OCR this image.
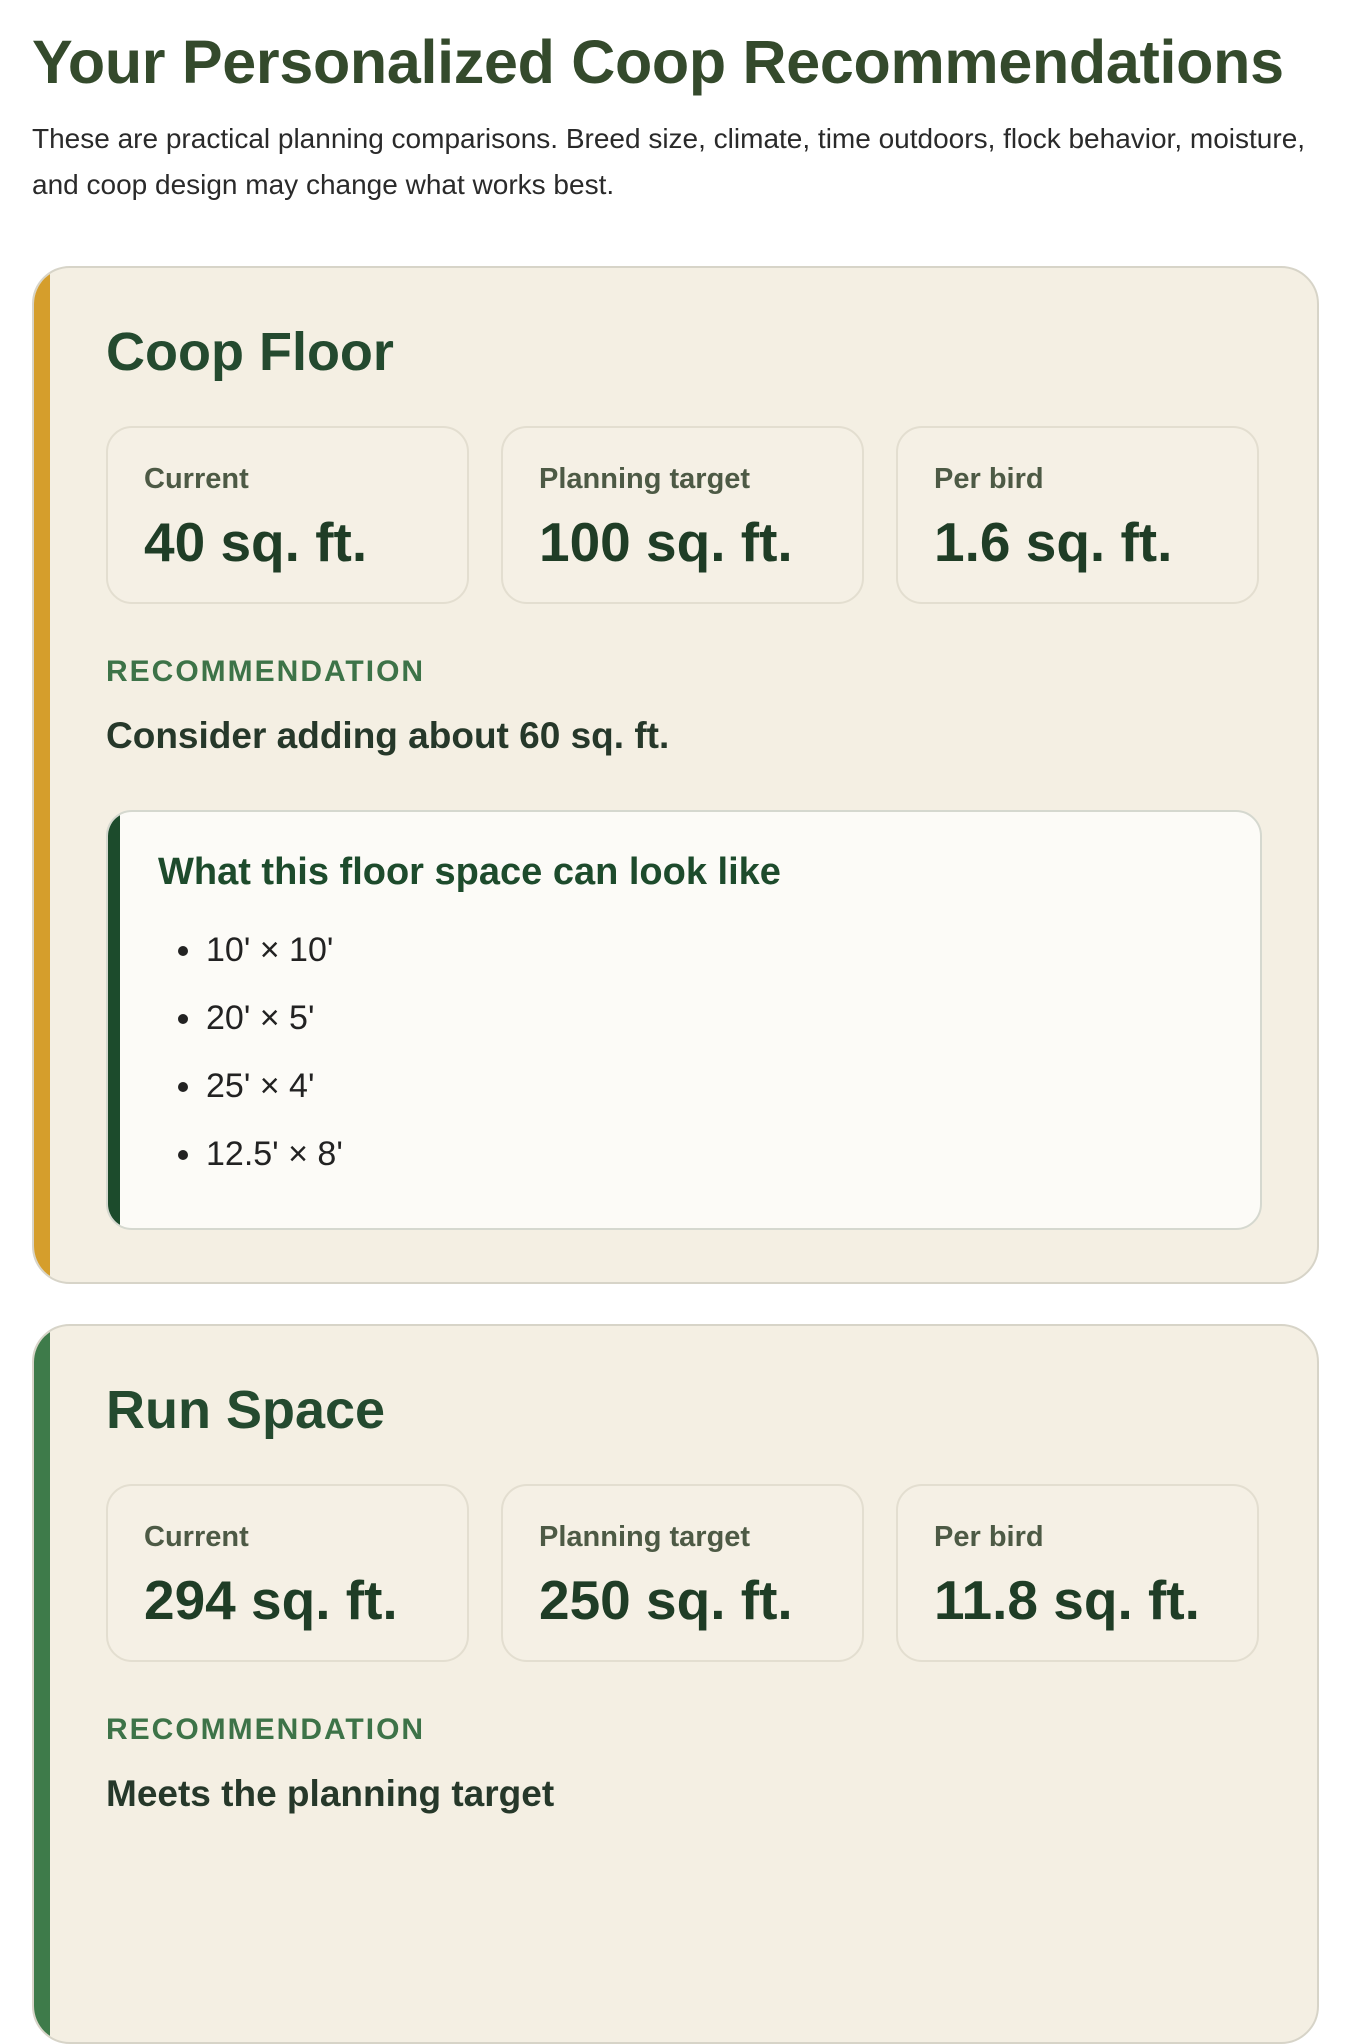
Your Personalized Coop Recommendations

These are practical planning comparisons. Breed size, climate, time outdoors, flock behavior, moisture, and coop design may change what works best.

Coop Floor
Current
40 sq. ft.
Planning target
100 sq. ft.
Per bird
1.6 sq. ft.
RECOMMENDATION
Consider adding about 60 sq. ft.
What this floor space can look like
10' × 10'
20' × 5'
25' × 4'
12.5' × 8'
Run Space
Current
294 sq. ft.
Planning target
250 sq. ft.
Per bird
11.8 sq. ft.
RECOMMENDATION
Meets the planning target
